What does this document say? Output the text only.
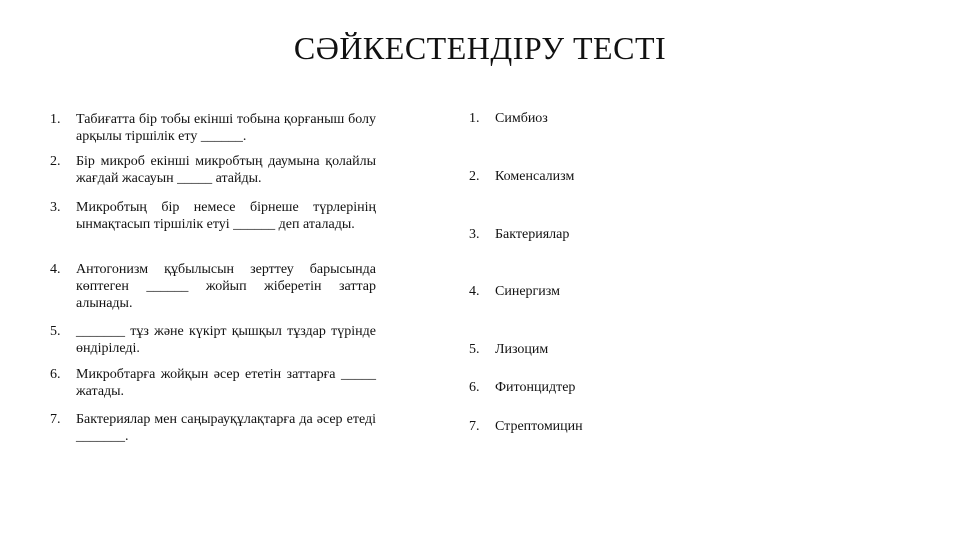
СӘЙКЕСТЕНДІРУ ТЕСТІ
1. Табиғатта бір тобы екінші тобына қорғаныш болу арқылы тіршілік ету ______.
2. Бір микроб екінші микробтың даумына қолайлы жағдай жасауын _____ атайды.
3. Микробтың бір немесе бірнеше түрлерінің ынмақтасып тіршілік етуі ______ деп аталады.
4. Антогонизм құбылысын зерттеу барысында көптеген ______ жойып жіберетін заттар алынады.
5. _______ тұз және күкірт қышқыл тұздар түрінде өндіріледі.
6. Микробтарға жойқын әсер ететін заттарға _____ жатады.
7. Бактериялар мен саңырауқұлақтарға да әсер етеді _______.
1. Симбиоз
2. Коменсализм
3. Бактериялар
4. Синергизм
5. Лизоцим
6. Фитонцидтер
7. Стрептомицин
